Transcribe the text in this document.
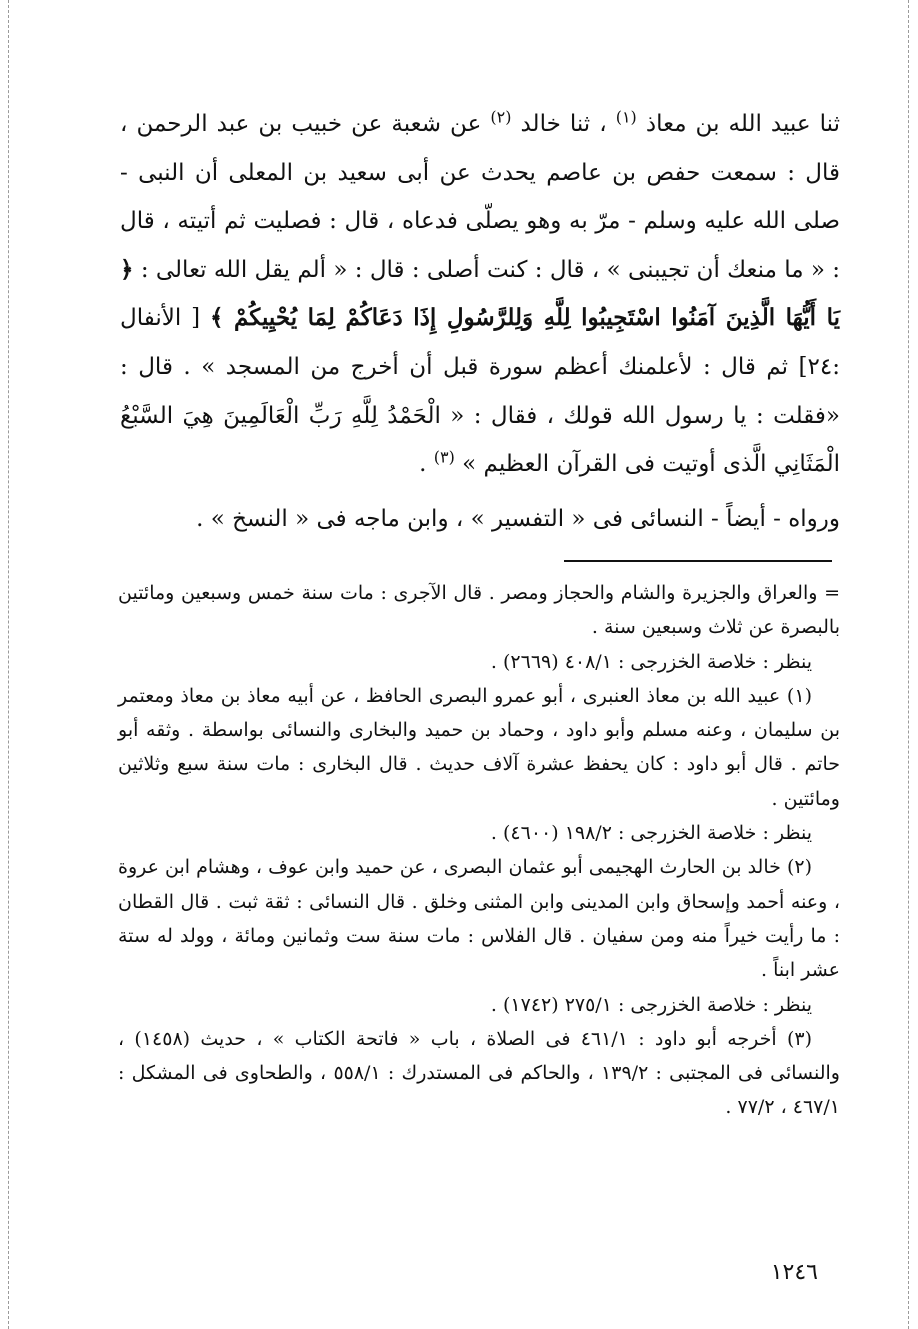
ثنا عبيد الله بن معاذ $^{(١)}$ ، ثنا خالد $^{(٢)}$ عن شعبة عن خبيب بن عبد الرحمن ، قال : سمعت حفص بن عاصم يحدث عن أبى سعيد بن المعلى أن النبى - صلى الله عليه وسلم - مرّ به وهو يصلّى فدعاه ، قال : فصليت ثم أتيته ، قال : « ما منعك أن تجيبنى » ، قال : كنت أصلى : قال : « ألم يقل الله تعالى : ﴿ يَا أَيُّهَا الَّذِينَ آمَنُوا اسْتَجِيبُوا لِلَّهِ وَلِلرَّسُولِ إِذَا دَعَاكُمْ لِمَا يُحْيِيكُمْ ﴾ [ الأنفال :٢٤] ثم قال : لأعلمنك أعظم سورة قبل أن أخرج من المسجد » . قال : «فقلت : يا رسول الله قولك ، فقال : « الْحَمْدُ لِلَّهِ رَبِّ الْعَالَمِينَ هِيَ السَّبْعُ الْمَثَانِي الَّذى أوتيت فى القرآن العظيم » $^{(٣)}$ .

ورواه - أيضاً - النسائى فى « التفسير » ، وابن ماجه فى « النسخ » .

= والعراق والجزيرة والشام والحجاز ومصر . قال الآجرى : مات سنة خمس وسبعين ومائتين بالبصرة عن ثلاث وسبعين سنة .

ينظر : خلاصة الخزرجى : ٤٠٨/١ (٢٦٦٩) .

(١) عبيد الله بن معاذ العنبرى ، أبو عمرو البصرى الحافظ ، عن أبيه معاذ بن معاذ ومعتمر بن سليمان ، وعنه مسلم وأبو داود ، وحماد بن حميد والبخارى والنسائى بواسطة . وثقه أبو حاتم . قال أبو داود : كان يحفظ عشرة آلاف حديث . قال البخارى : مات سنة سبع وثلاثين ومائتين .

ينظر : خلاصة الخزرجى : ١٩٨/٢ (٤٦٠٠) .

(٢) خالد بن الحارث الهجيمى أبو عثمان البصرى ، عن حميد وابن عوف ، وهشام ابن عروة ، وعنه أحمد وإسحاق وابن المدينى وابن المثنى وخلق . قال النسائى : ثقة ثبت . قال القطان : ما رأيت خيراً منه ومن سفيان . قال الفلاس : مات سنة ست وثمانين ومائة ، وولد له ستة عشر ابناً .

ينظر : خلاصة الخزرجى : ٢٧٥/١ (١٧٤٢) .

(٣) أخرجه أبو داود : ٤٦١/١ فى الصلاة ، باب « فاتحة الكتاب » ، حديث (١٤٥٨) ، والنسائى فى المجتبى : ١٣٩/٢ ، والحاكم فى المستدرك : ٥٥٨/١ ، والطحاوى فى المشكل : ٤٦٧/١ ، ٧٧/٢ .

١٢٤٦
